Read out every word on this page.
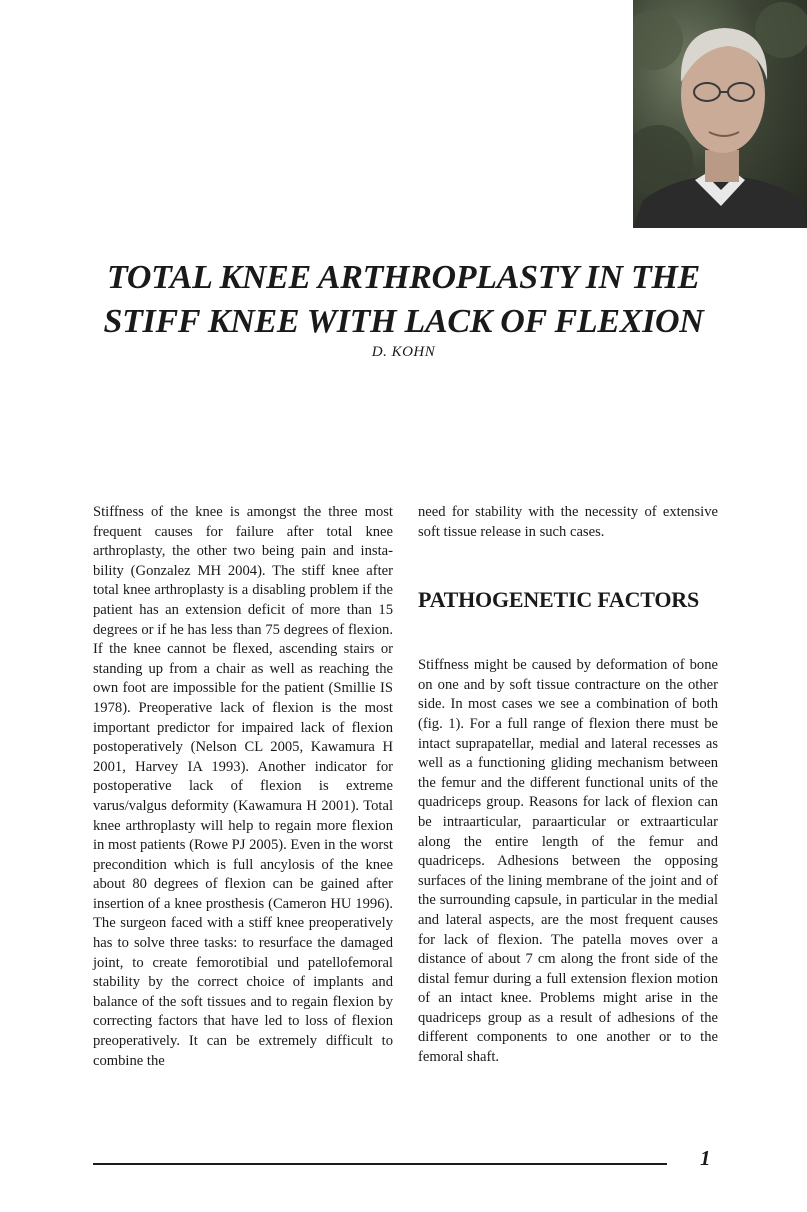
TOTAL KNEE ARTHROPLASTY IN THE
STIFF KNEE WITH LACK OF FLEXION
D. KOHN

Stiffness of the knee is amongst the three most frequent causes for failure after total knee arthroplasty, the other two being pain and instability (Gonzalez MH 2004). The stiff knee after total knee arthroplasty is a disabling problem if the patient has an extension deficit of more than 15 degrees or if he has less than 75 degrees of flexion. If the knee cannot be flexed, ascending stairs or standing up from a chair as well as reaching the own foot are impossible for the patient (Smillie IS 1978). Preoperative lack of flexion is the most important predictor for impaired lack of flexion postoperatively (Nelson CL 2005, Kawamura H 2001, Harvey IA 1993). Another indicator for postoperative lack of flexion is extreme varus/valgus deformity (Kawamura H 2001). Total knee arthroplasty will help to regain more flexion in most patients (Rowe PJ 2005). Even in the worst precondition which is full ancylosis of the knee about 80 degrees of flexion can be gained after insertion of a knee prosthesis (Cameron HU 1996). The surgeon faced with a stiff knee preoperatively has to solve three tasks: to resurface the damaged joint, to create femorotibial und patellofemoral stability by the correct choice of implants and balance of the soft tissues and to regain flexion by correcting factors that have led to loss of flexion preoperatively. It can be extremely difficult to combine the

need for stability with the necessity of extensive soft tissue release in such cases.

PATHOGENETIC FACTORS

Stiffness might be caused by deformation of bone on one and by soft tissue contracture on the other side. In most cases we see a combination of both (fig. 1). For a full range of flexion there must be intact suprapatellar, medial and lateral recesses as well as a functioning gliding mechanism between the femur and the different functional units of the quadriceps group. Reasons for lack of flexion can be intraarticular, paraarticular or extraarticular along the entire length of the femur and quadriceps. Adhesions between the opposing surfaces of the lining membrane of the joint and of the surrounding capsule, in particular in the medial and lateral aspects, are the most frequent causes for lack of flexion. The patella moves over a distance of about 7 cm along the front side of the distal femur during a full extension flexion motion of an intact knee. Problems might arise in the quadriceps group as a result of adhesions of the different components to one another or to the femoral shaft.

1
